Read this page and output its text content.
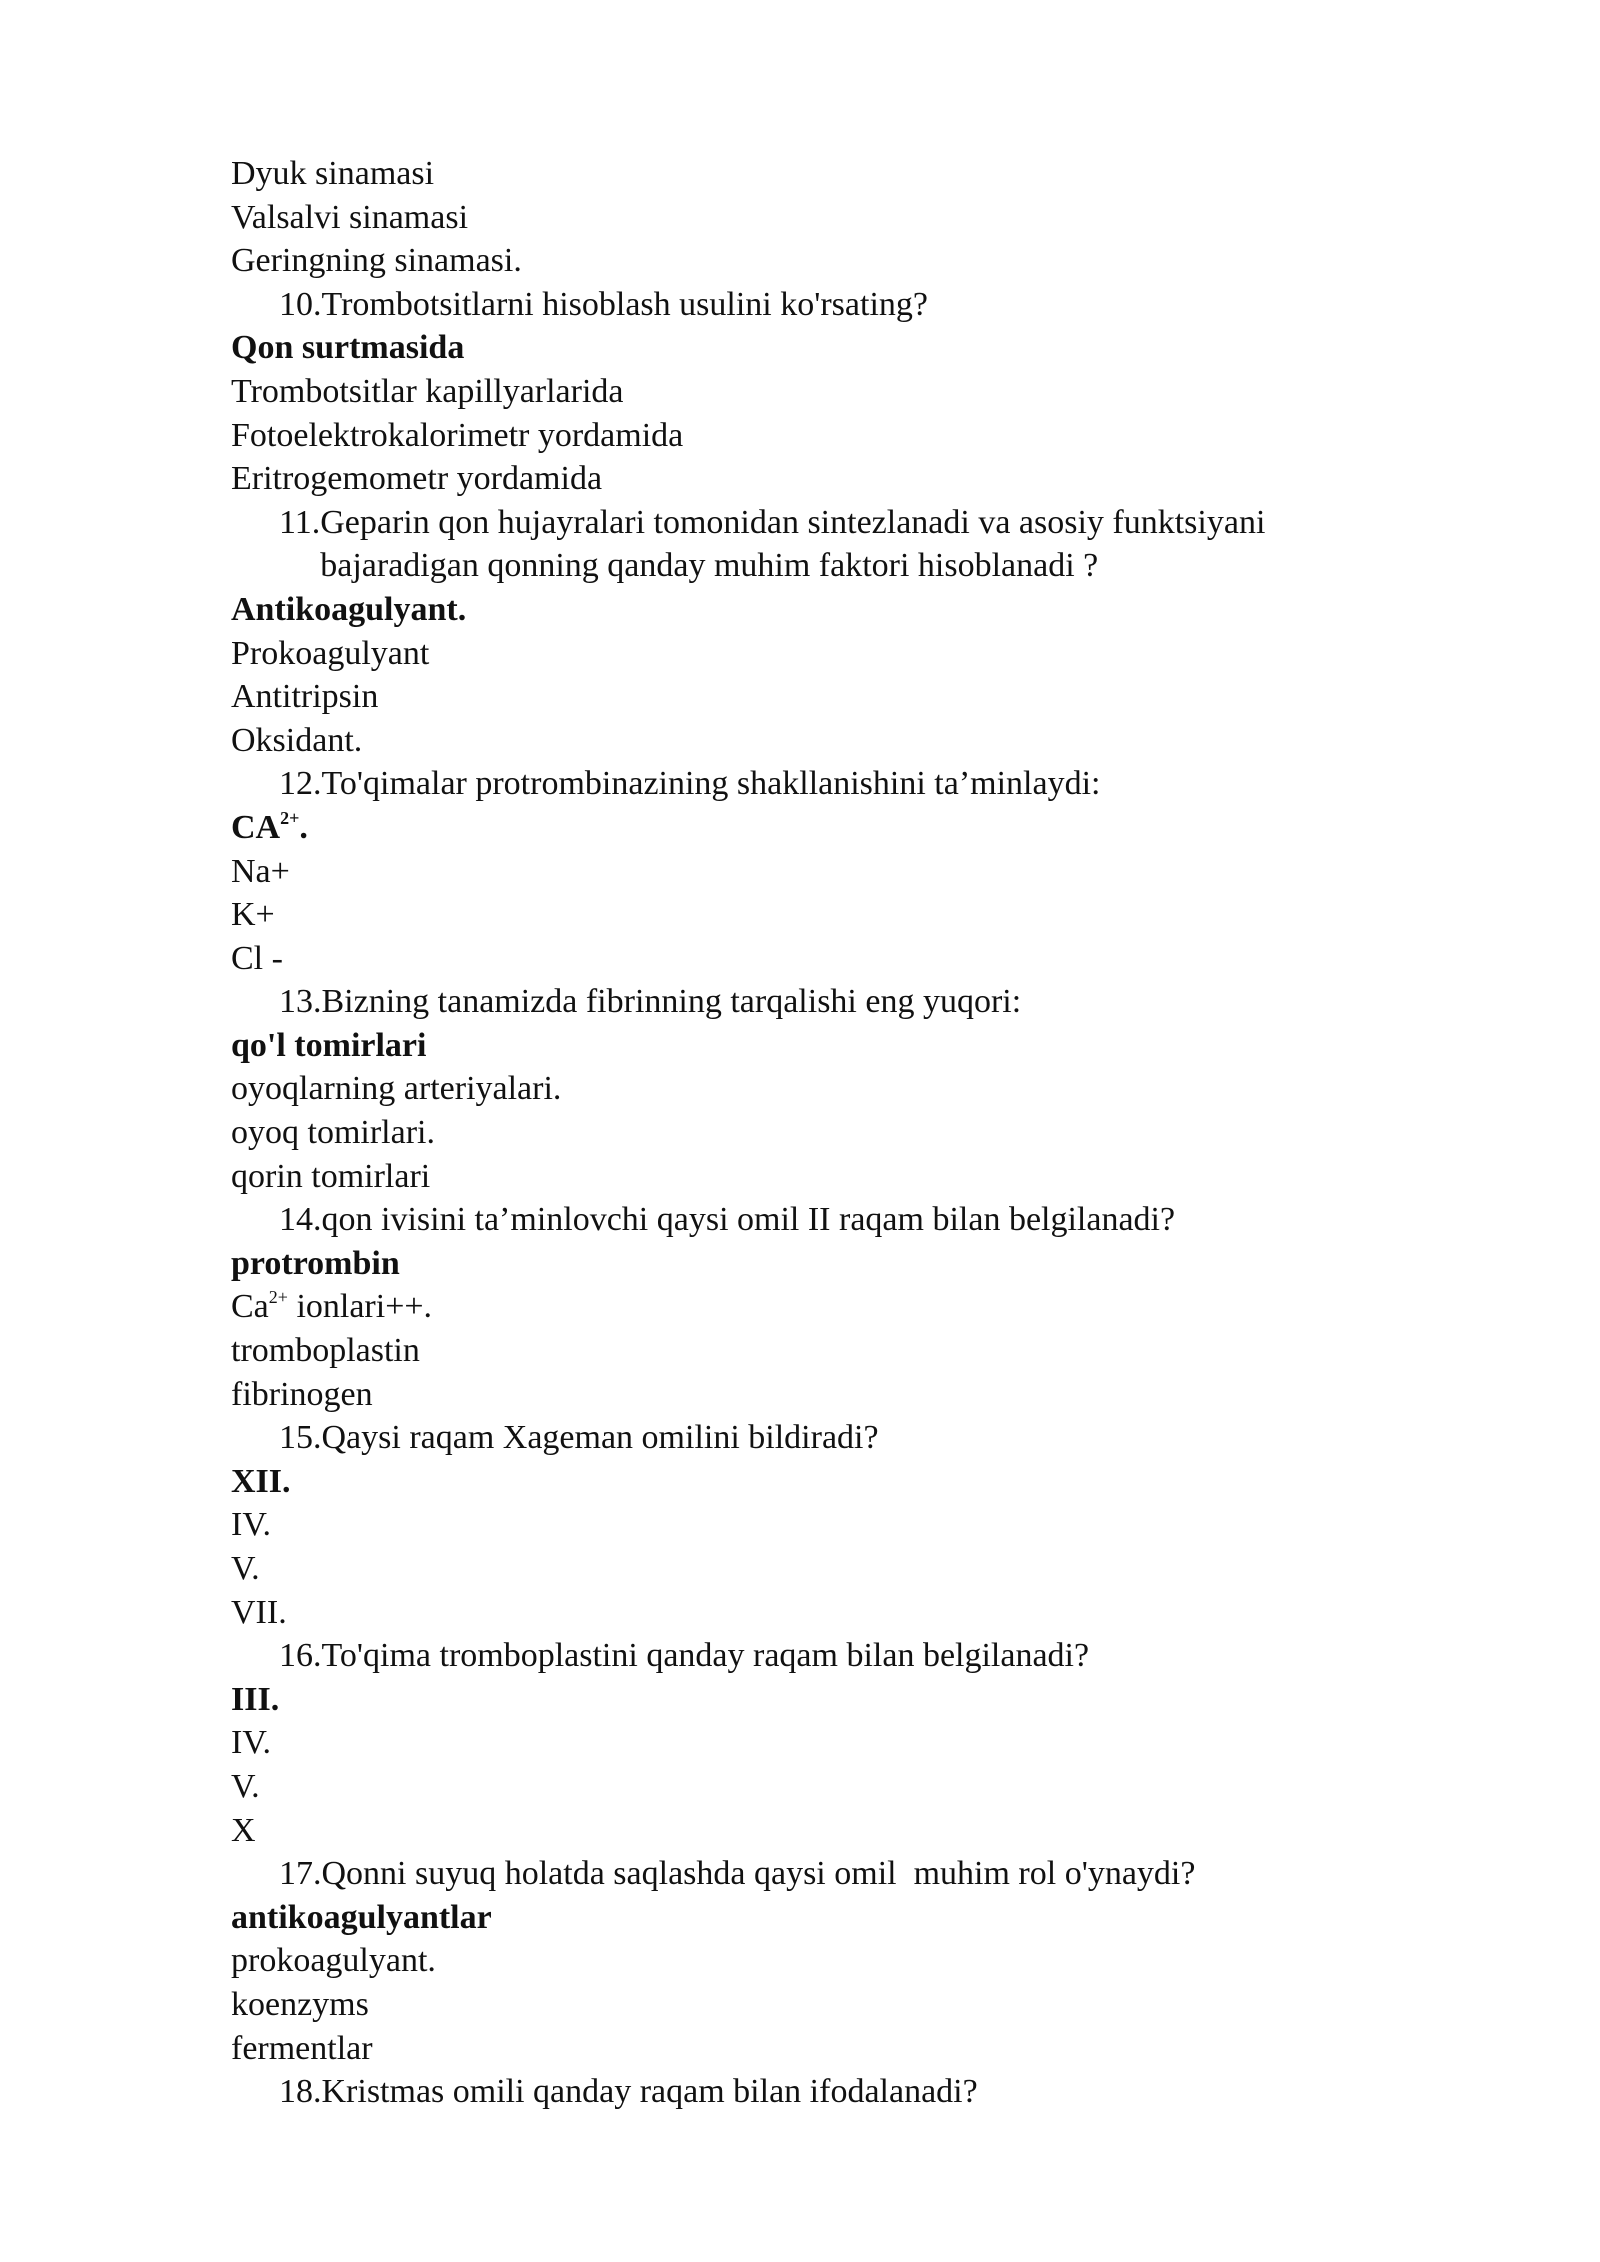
Dyuk sinamasi
Valsalvi sinamasi
Geringning sinamasi.
10. Trombotsitlarni hisoblash usulini ko'rsating?
Qon surtmasida
Trombotsitlar kapillyarlarida
Fotoelektrokalorimetr yordamida
Eritrogemometr yordamida
11. Geparin qon hujayralari tomonidan sintezlanadi va asosiy funktsiyani bajaradigan qonning qanday muhim faktori hisoblanadi ?
Antikoagulyant.
Prokoagulyant
Antitripsin
Oksidant.
12. To'qimalar protrombinazining shakllanishini ta’minlaydi:
$CA^{2+}$.
Na+
K+
Cl -
13. Bizning tanamizda fibrinning tarqalishi eng yuqori:
qo'l tomirlari
oyoqlarning arteriyalari.
oyoq tomirlari.
qorin tomirlari
14. qon ivisini ta’minlovchi qaysi omil II raqam bilan belgilanadi?
protrombin
$Ca^{2+}$ ionlari++.
tromboplastin
fibrinogen
15. Qaysi raqam Xageman omilini bildiradi?
XII.
IV.
V.
VII.
16. To'qima tromboplastini qanday raqam bilan belgilanadi?
III.
IV.
V.
X
17. Qonni suyuq holatda saqlashda qaysi omil  muhim rol o'ynaydi?
antikoagulyantlar
prokoagulyant.
koenzyms
fermentlar
18. Kristmas omili qanday raqam bilan ifodalanadi?
